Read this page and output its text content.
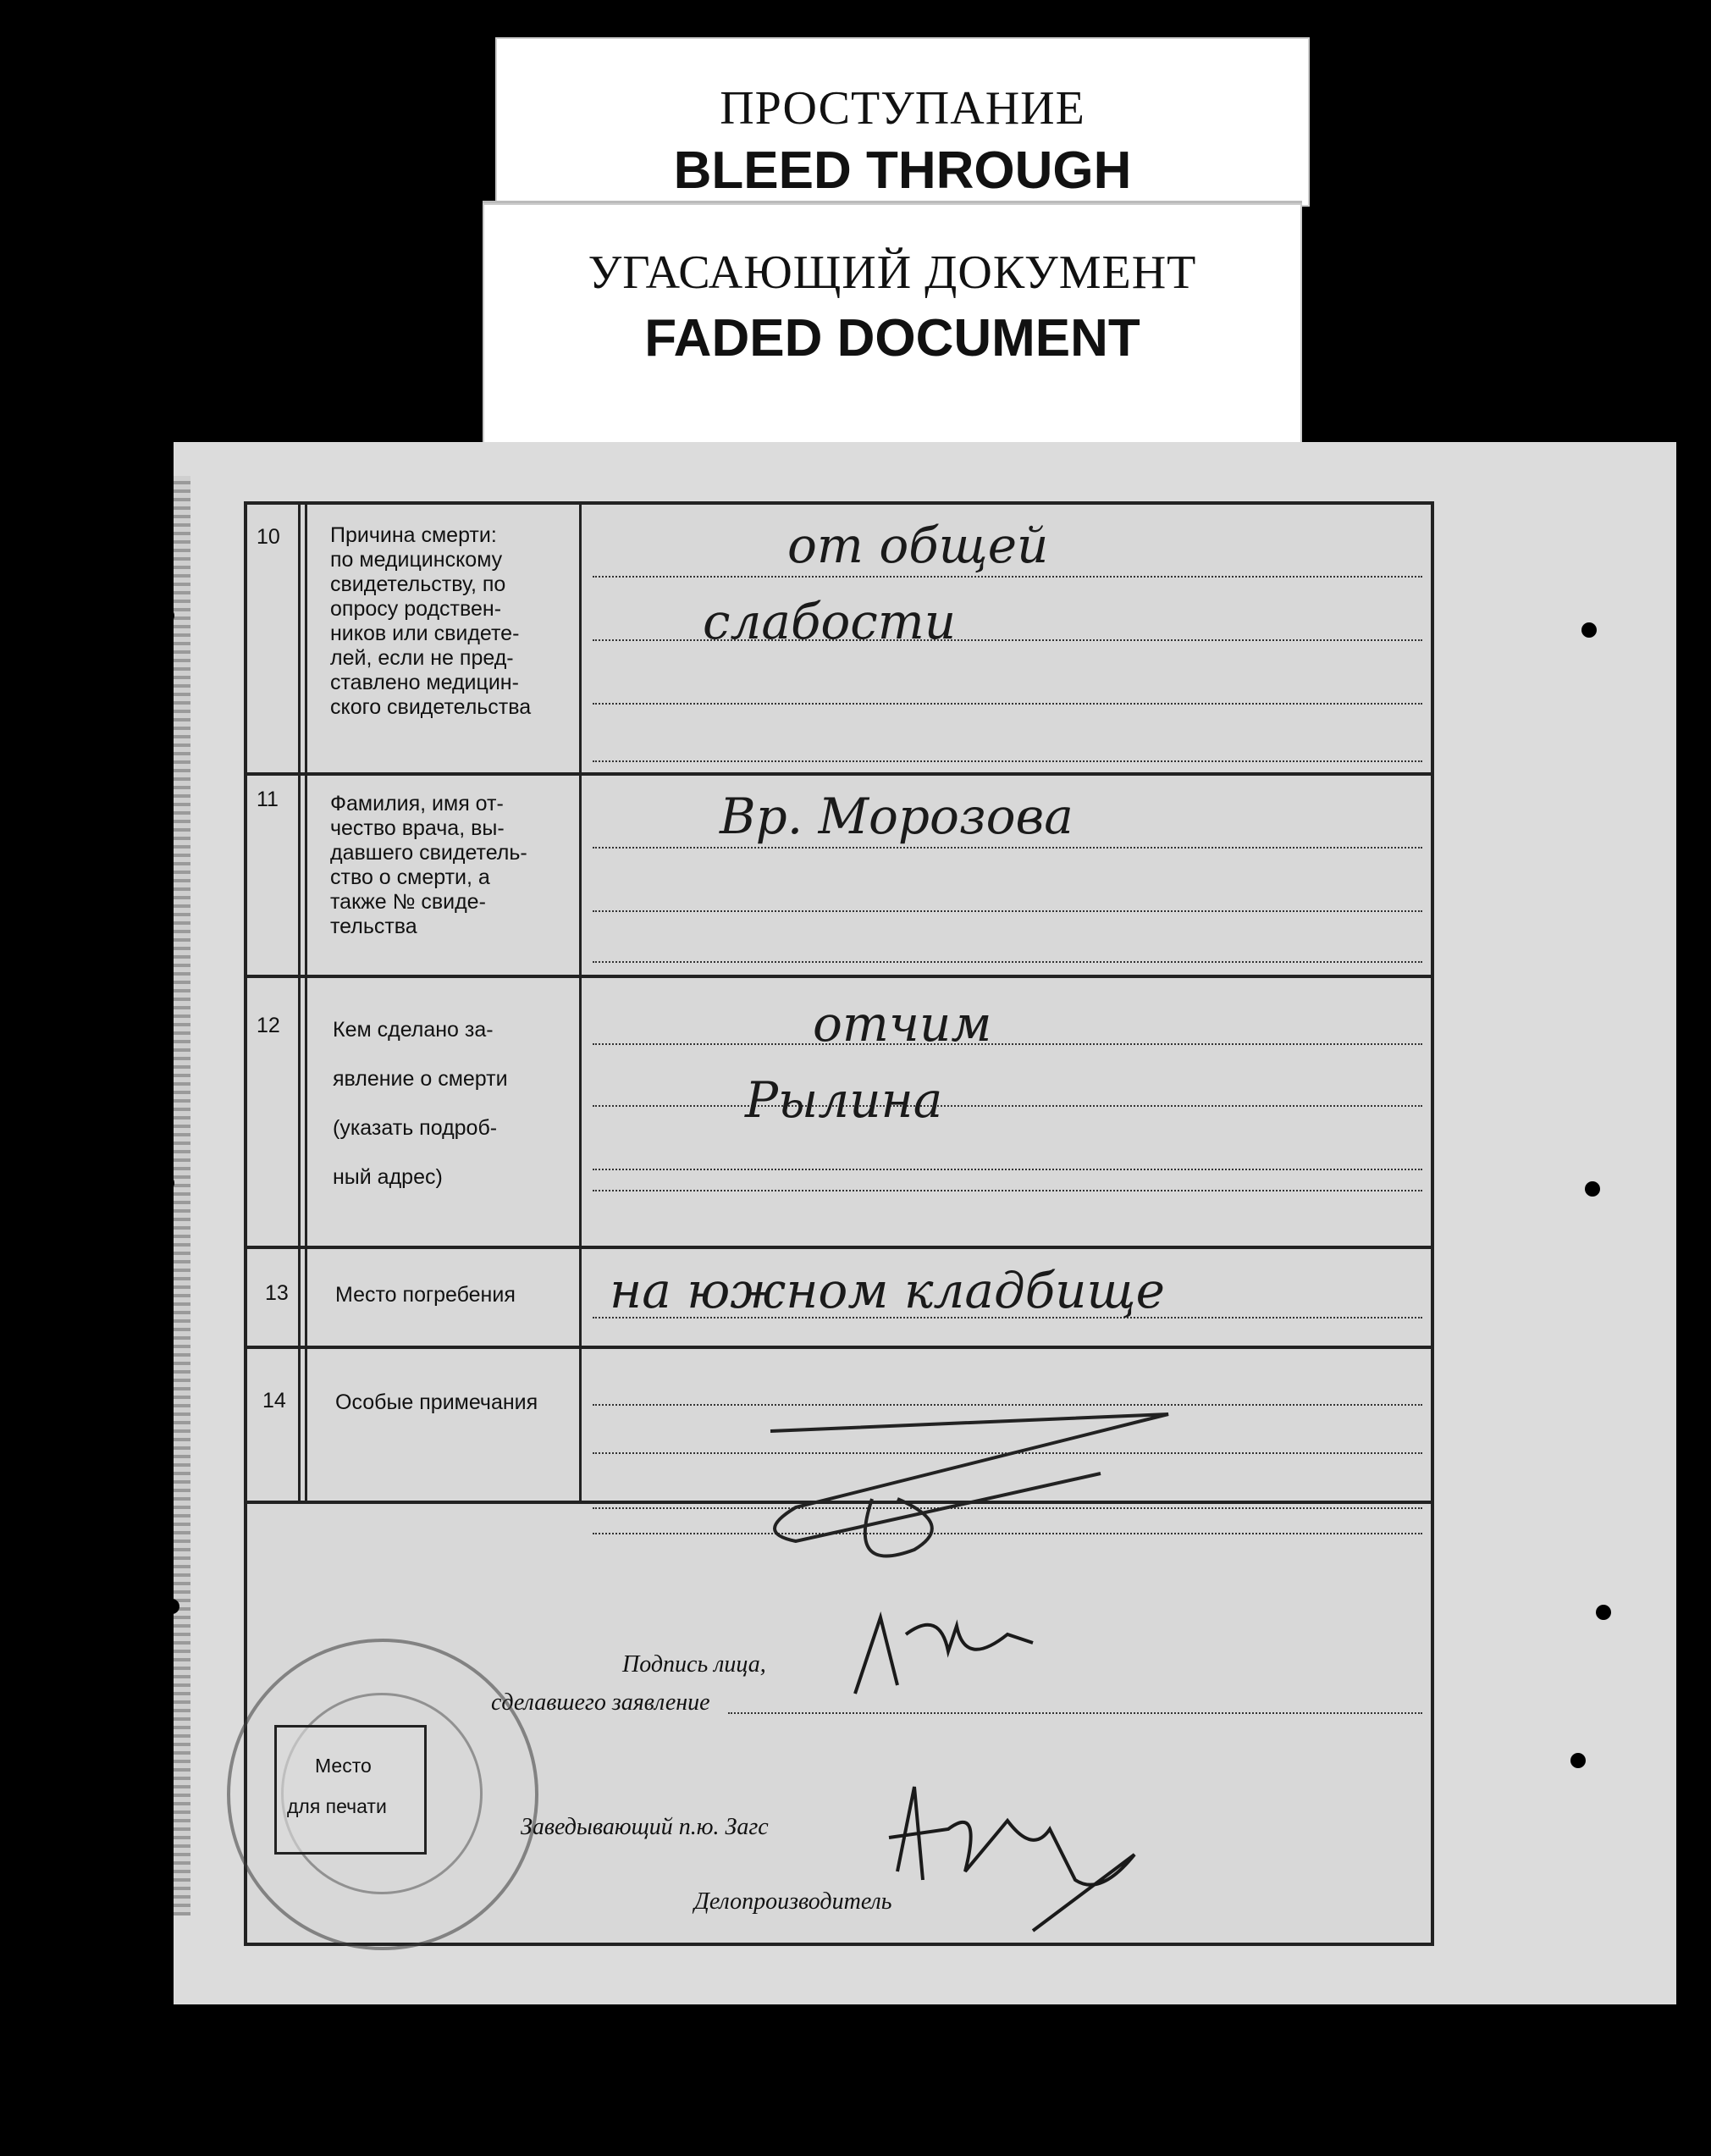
ПРОСТУПАНИЕ
BLEED THROUGH
УГАСАЮЩИЙ ДОКУМЕНТ
FADED DOCUMENT
10 Причина смерти:
по медицинскому
свидетельству, по
опросу родствен-
ников или свидете-
лей, если не пред-
ставлено медицин-
ского свидетельства
от общей
слабости
11 Фамилия, имя от-
чество врача, вы-
давшего свидетель-
ство о смерти, а
также № свиде-
тельства
Вр. Морозова
12 Кем сделано за-

явление о смерти

(указать подроб-

ный адрес)
отчим
Рылина
13 Место погребения на южном кладбище
14 Особые примечания
Подпись лица,
сделавшего заявление
Заведывающий п.ю. Загс
Делопроизводитель
Место
для печати
